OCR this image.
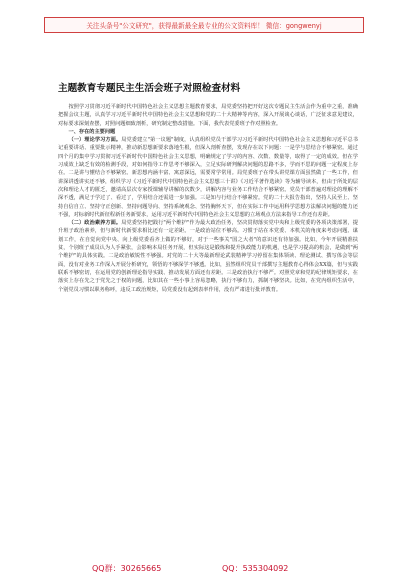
关注头条号"公文研究"，获得最新最全最专业的公文资料库！ 微信：gongwenyj
主题教育专题民主生活会班子对照检查材料

按照学习贯彻习近平新时代中国特色社会主义思想主题教育要求，局党委坚持把开好这次专题民主生活会作为重中之重，准确把握会议主题，认真学习习近平新时代中国特色社会主义思想和党的二十大精神等内容，深入开展谈心谈话，广泛征求意见建议，对标要求深刻查摆，对照问题细致剖析，研究制定整改措施。下面，我代表党委班子作对照检查。

一、存在的主要问题

（一）理论学习方面。局党委建立"第一议题"制度，认真组织党员干部学习习近平新时代中国特色社会主义思想和习近平总书记重要讲话、重要批示精神，推动新思想新要求落地生根，但深入剖析查摆，发现存在以下问题：一是学与思结合不够紧密。通过四个月的集中学习贯彻习近平新时代中国特色社会主义思想，明确规定了学习的内容、次数、数量等，取得了一定的成效。但在学习成效上缺乏有效的检测手段，对如何指导工作思考不够深入，立足实际研判解决问题的思路不多，学而不思的问题一定程度上存在。二是讲与懂结合不够紧密。新思想内涵丰富、寓意深远，需要常学常用。局党委班子在带头讲党课方面虽然做了一些工作，但讲深讲透讲实还不够，组织学习《习近平新时代中国特色社会主义思想三十讲》《习近平著作选读》等为辅导读本，但由于所处的层次和理论人才的匮乏，邀请高层次专家授课辅导讲解的次数少，讲解内容与业务工作结合不够紧密。党员干部普遍对理论的理解不深不透，满足于学过了、看过了，学用结合还需进一步加强。三是知与行结合不够紧密。党的二十大报告指出，坚持人民至上、坚持自信自立、坚持守正创新、坚持问题导向、坚持系统观念、坚持胸怀天下，但在实际工作中运用科学思想方法解决问题的能力还不强，对标新时代新征程新任务新要求，运用习近平新时代中国特色社会主义思想的立场观点方法来指导工作还有差距。

（二）政治素养方面。局党委坚持把践行"两个维护"作为最大政治任务，坚决贯彻落实党中央和上级党委的各项决策部署，提升班子政治素养，但与新时代新要求相比还有一定差距。一是政治站位不够高。习惯于站在本党委、本机关的角度来考虑问题、谋划工作，在自觉向党中央、向上级党委看齐上做的不够好，对于一些事关"国之大者"的意识还有待加强。比如，今年开展精准扶贫，个别班子成员认为人手紧张，会影响本局任务开展，但实际这是锻炼和提升执政能力的机遇，也是学习提高的机会，是做到"两个维护"的具体实践。二是政治敏锐性不够强。对党的二十大等最新理论武装精神学习停留在集体领读、理论测试、撰写体会等层面，没有对业务工作深入开展分析研究，领悟的不够深学不够透。比如，虽然组织党员干部撰写主题教育心得体会XX篇，但与实践联系不够密切，在运用党的创新理论指导实践、推动发展方面还有差距。三是政治执行不够严。对照党章和党的纪律规矩要求，在落实上存在先之于党先之于权的问题，比如其在一些小事上容易忽略，执行不够有力，抓制不够坚决。比如，在党内组织生活中，个别党员习惯以职务称呼，违反工政治规矩，局党委没有起到表率作用，没有严肃进行批评教育。

QQ群：30265665	QQ：535304092
